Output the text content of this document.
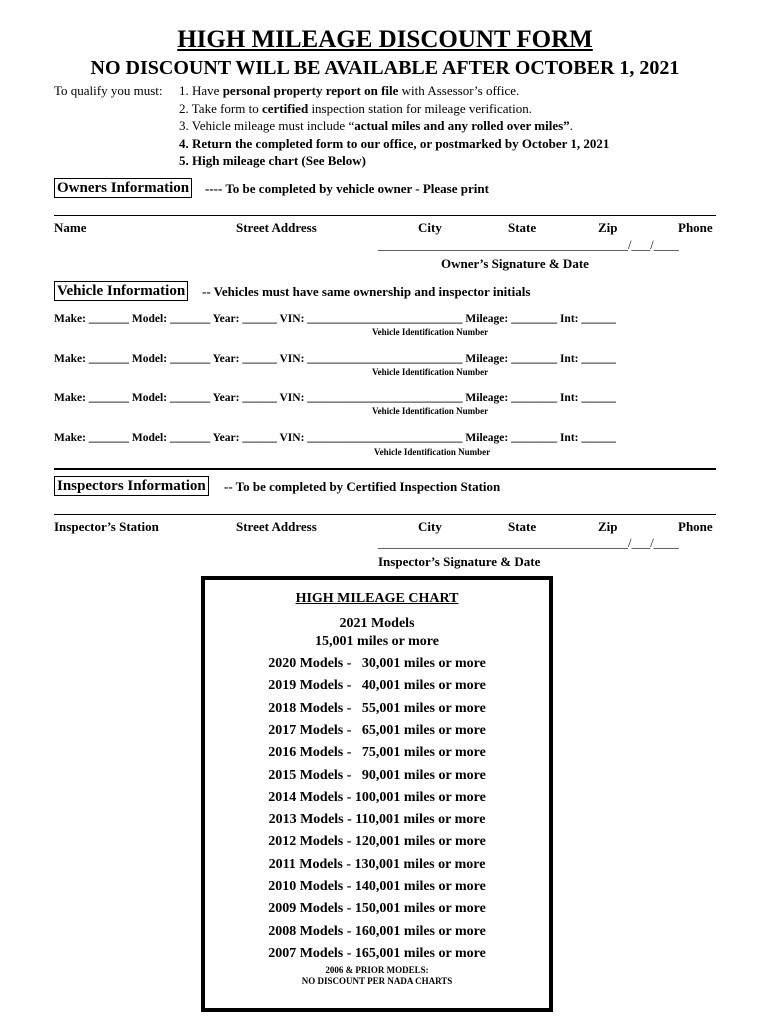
HIGH MILEAGE DISCOUNT FORM
NO DISCOUNT WILL BE AVAILABLE AFTER OCTOBER 1, 2021
To qualify you must: 1. Have personal property report on file with Assessor’s office.
2. Take form to certified inspection station for mileage verification.
3. Vehicle mileage must include “actual miles and any rolled over miles”.
4. Return the completed form to our office, or postmarked by October 1, 2021
5. High mileage chart (See Below)
Owners Information ---- To be completed by vehicle owner - Please print
Name	Street Address	City	State	Zip	Phone
________________________________________/___/____
Owner’s Signature & Date
Vehicle Information -- Vehicles must have same ownership and inspector initials
Make: _______ Model: _______ Year: ______ VIN: ___________________________ Mileage: ________ Int: ______
Vehicle Identification Number
Make: _______ Model: _______ Year: ______ VIN: ___________________________ Mileage: ________ Int: ______
Vehicle Identification Number
Make: _______ Model: _______ Year: ______ VIN: ___________________________ Mileage: ________ Int: ______
Vehicle Identification Number
Make: _______ Model: _______ Year: ______ VIN: ___________________________ Mileage: ________ Int: ______
Vehicle Identification Number
Inspectors Information -- To be completed by Certified Inspection Station
Inspector’s Station	Street Address	City	State	Zip	Phone
________________________________________/___/____
Inspector’s Signature & Date
HIGH MILEAGE CHART
2021 Models
15,001 miles or more
2020 Models -   30,001 miles or more
2019 Models -   40,001 miles or more
2018 Models -   55,001 miles or more
2017 Models -   65,001 miles or more
2016 Models -   75,001 miles or more
2015 Models -   90,001 miles or more
2014 Models - 100,001 miles or more
2013 Models - 110,001 miles or more
2012 Models - 120,001 miles or more
2011 Models - 130,001 miles or more
2010 Models - 140,001 miles or more
2009 Models - 150,001 miles or more
2008 Models - 160,001 miles or more
2007 Models - 165,001 miles or more
2006 & PRIOR MODELS:
NO DISCOUNT PER NADA CHARTS
